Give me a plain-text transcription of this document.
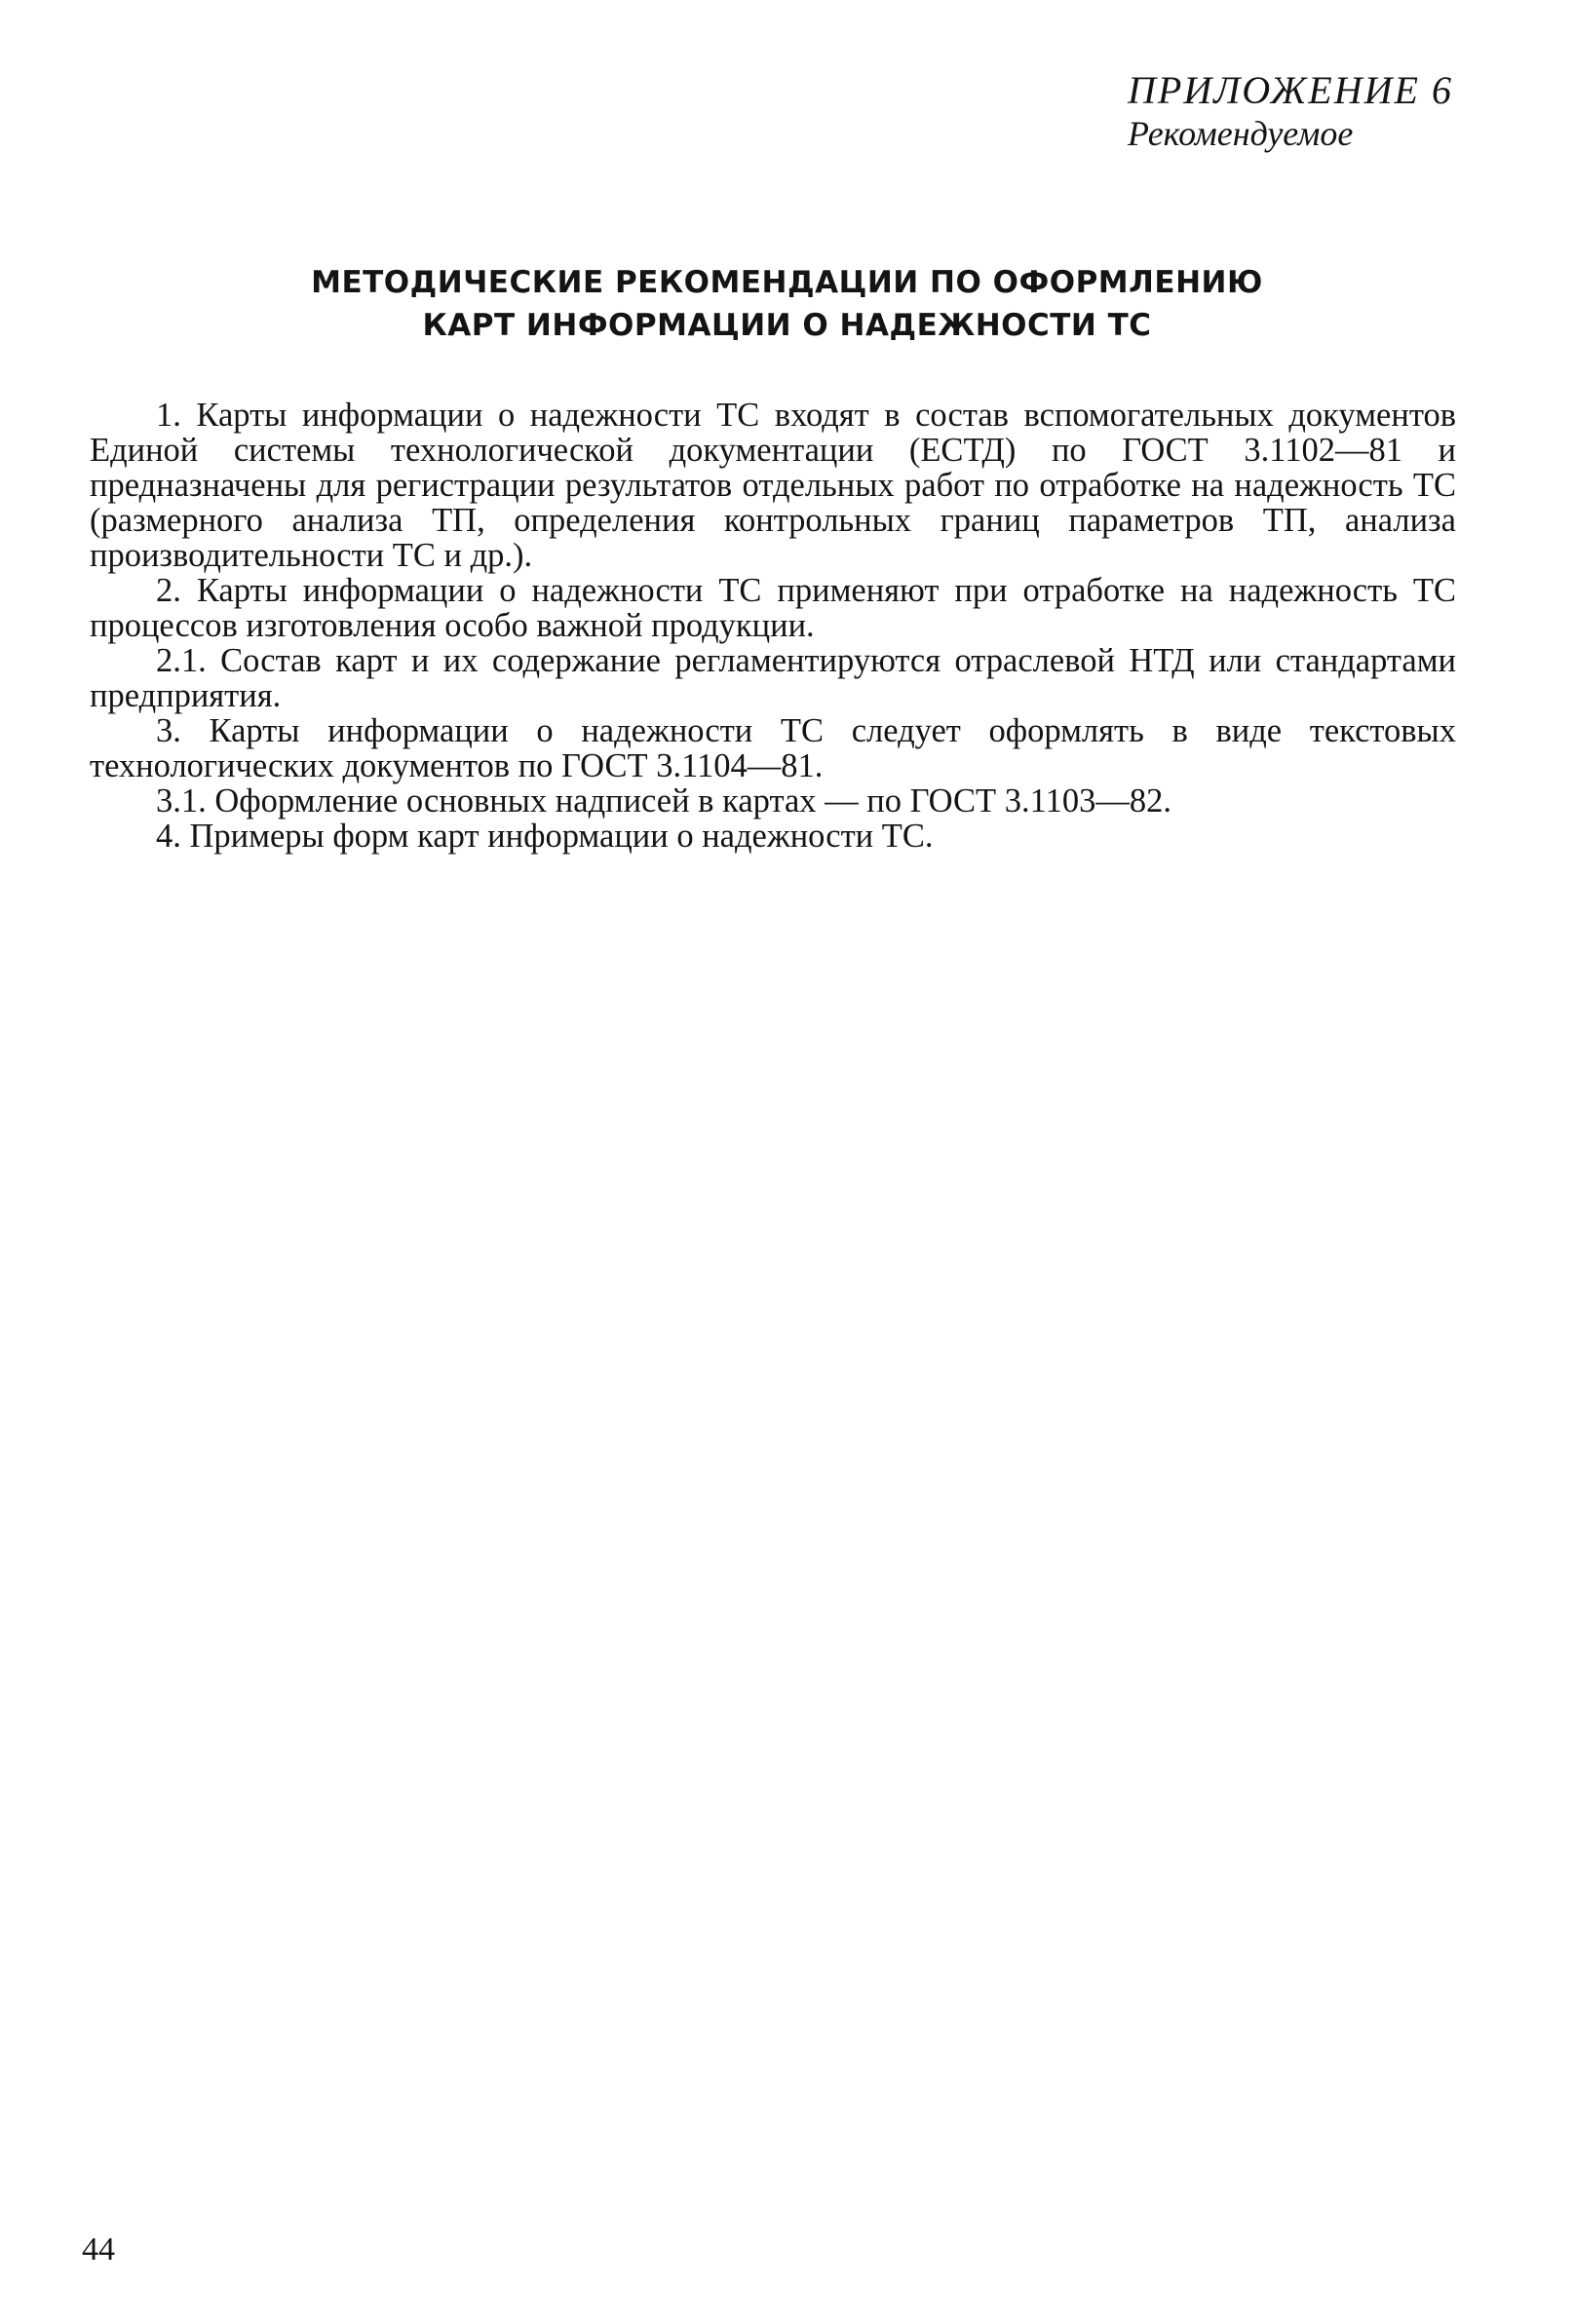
ПРИЛОЖЕНИЕ 6
Рекомендуемое
МЕТОДИЧЕСКИЕ РЕКОМЕНДАЦИИ ПО ОФОРМЛЕНИЮ
КАРТ ИНФОРМАЦИИ О НАДЕЖНОСТИ ТС

1. Карты информации о надежности ТС входят в состав вспомогательных документов Единой системы технологической документации (ЕСТД) по ГОСТ 3.1102—81 и предназначены для регистрации результатов отдельных работ по отработке на надежность ТС (размерного анализа ТП, определения контрольных границ параметров ТП, анализа производительности ТС и др.).

2. Карты информации о надежности ТС применяют при отработке на надежность ТС процессов изготовления особо важной продукции.

2.1. Состав карт и их содержание регламентируются отраслевой НТД или стандартами предприятия.

3. Карты информации о надежности ТС следует оформлять в виде текстовых технологических документов по ГОСТ 3.1104—81.

3.1. Оформление основных надписей в картах — по ГОСТ 3.1103—82.

4. Примеры форм карт информации о надежности ТС.

44
